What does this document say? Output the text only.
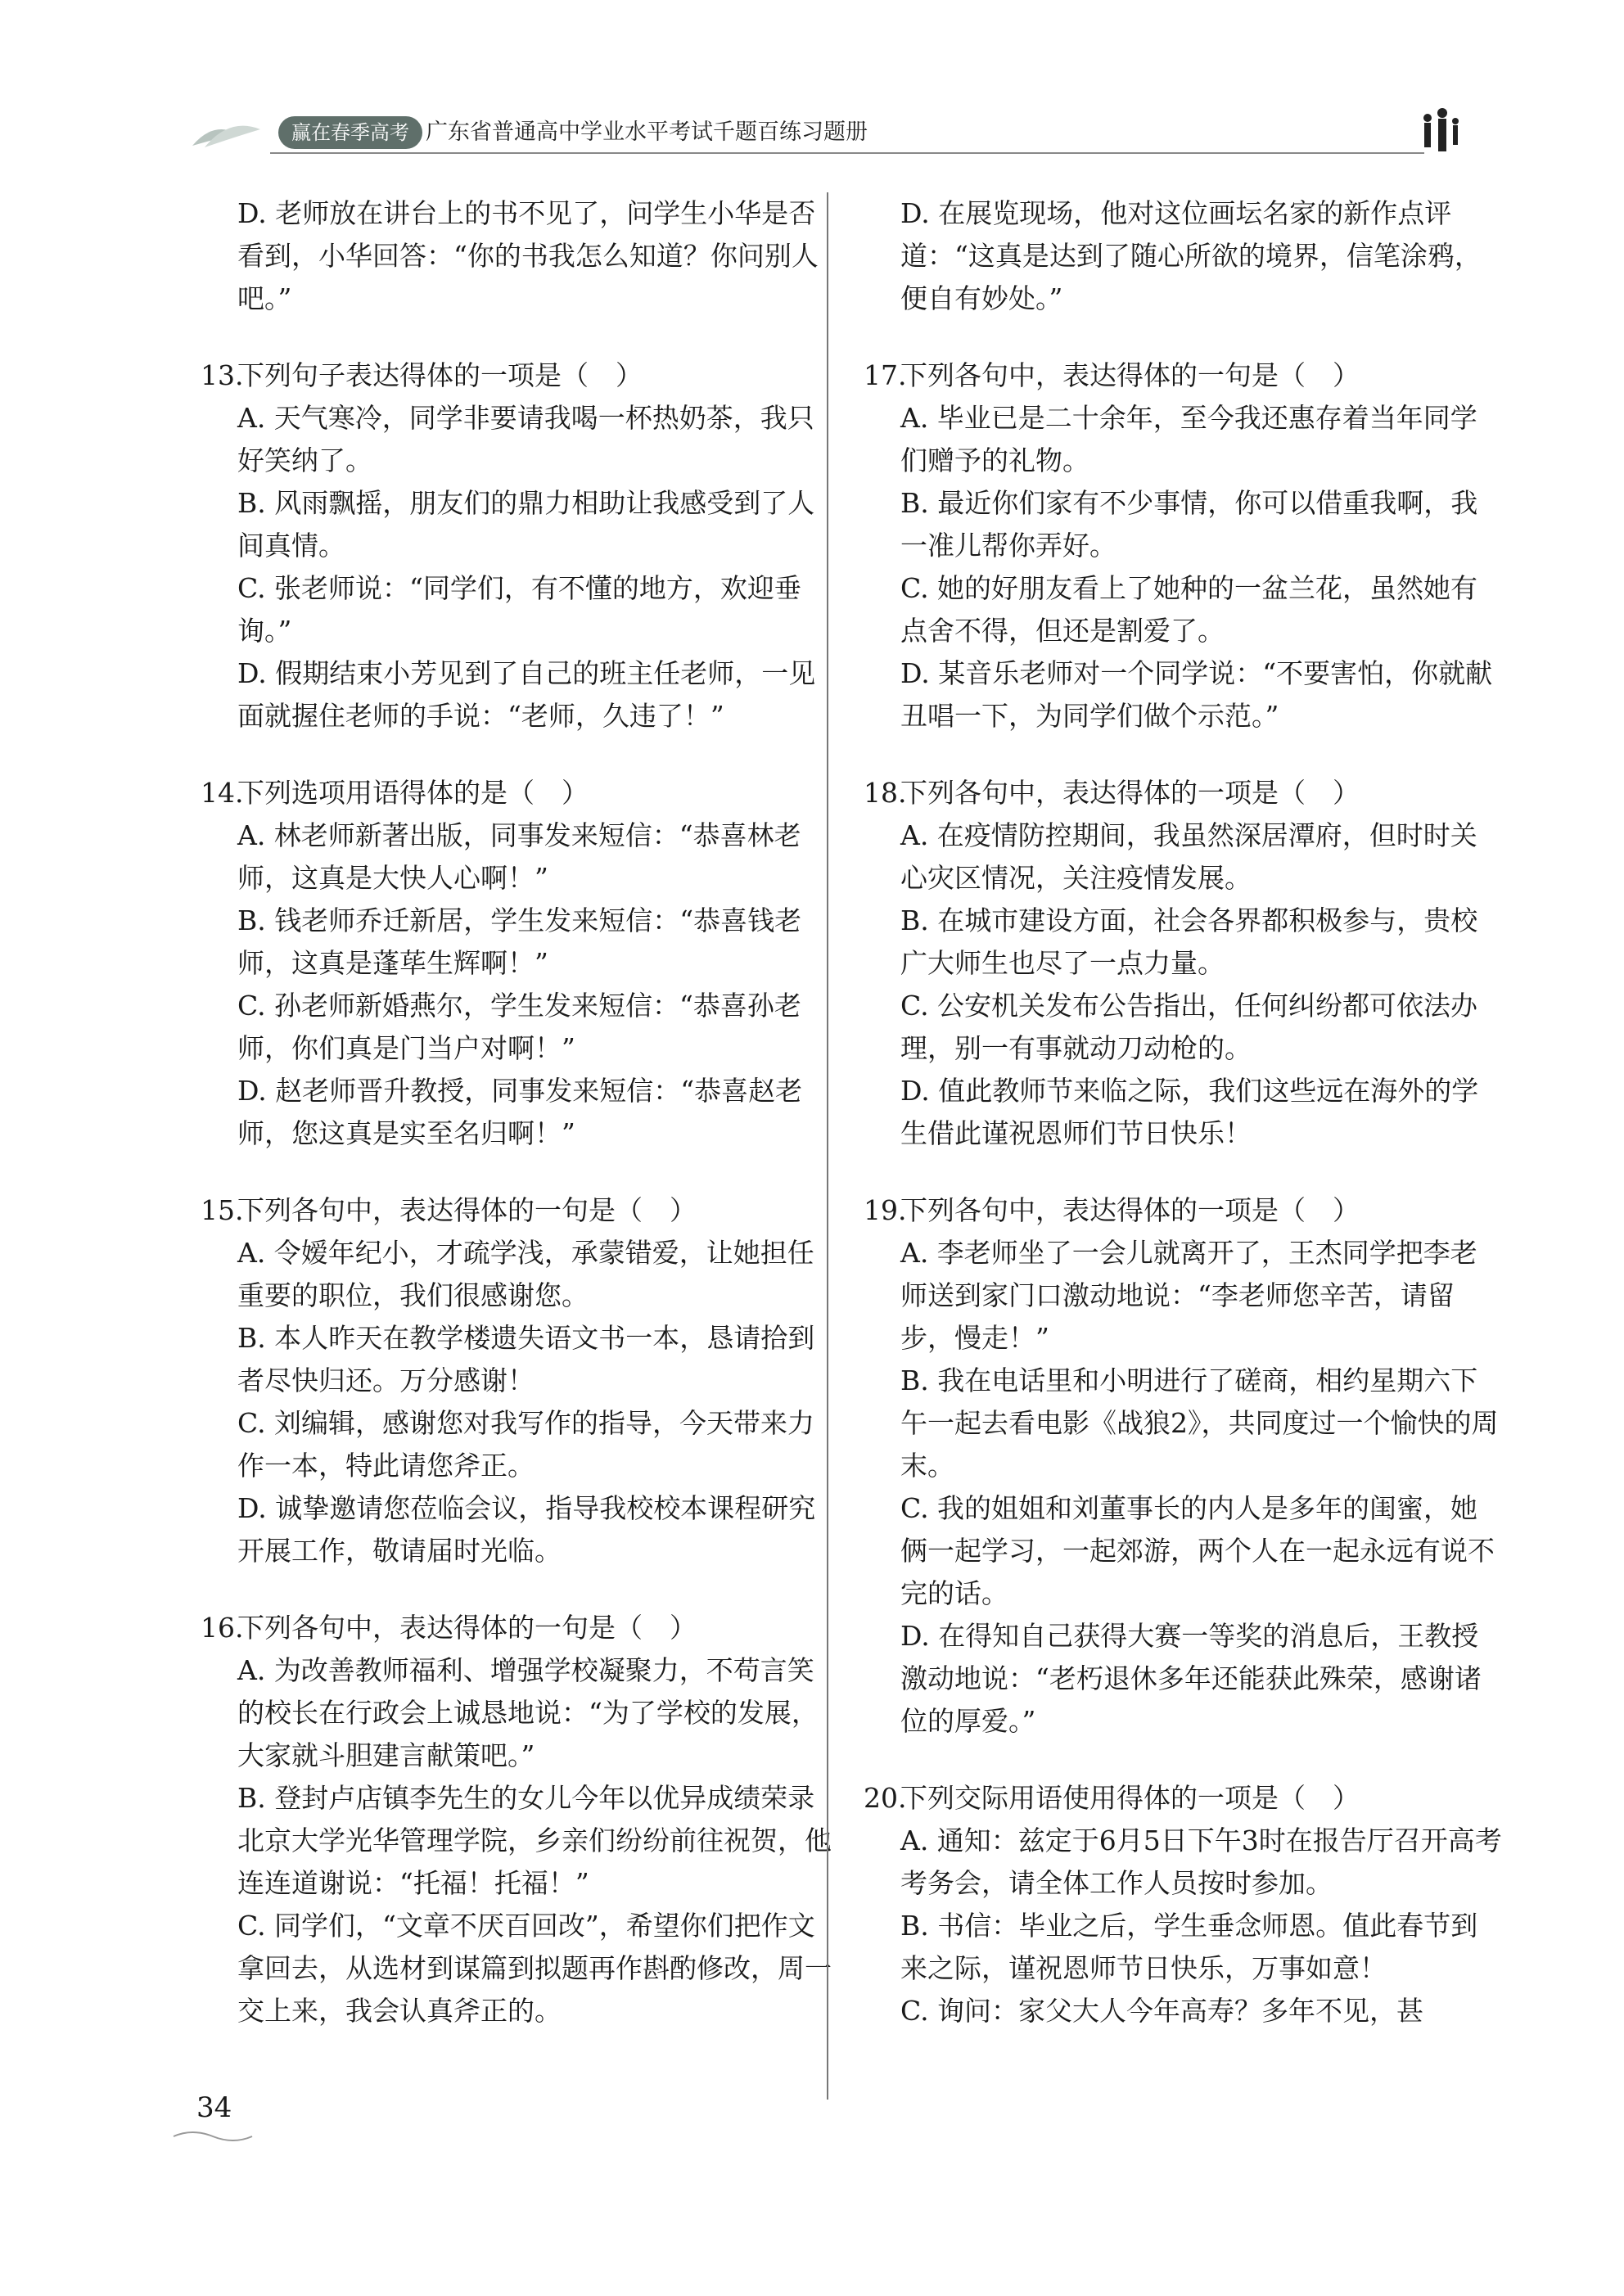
赢在春季高考 广东省普通高中学业水平考试千题百练习题册

D. 老师放在讲台上的书不见了，问学生小华是否看到，小华回答：“你的书我怎么知道？你问别人吧。”

13.
下列句子表达得体的一项是（　）

A. 天气寒冷，同学非要请我喝一杯热奶茶，我只好笑纳了。

B. 风雨飘摇，朋友们的鼎力相助让我感受到了人间真情。

C. 张老师说：“同学们，有不懂的地方，欢迎垂询。”

D. 假期结束小芳见到了自己的班主任老师，一见面就握住老师的手说：“老师，久违了！”

14.
下列选项用语得体的是（　）

A. 林老师新著出版，同事发来短信：“恭喜林老师，这真是大快人心啊！”

B. 钱老师乔迁新居，学生发来短信：“恭喜钱老师，这真是蓬荜生辉啊！”

C. 孙老师新婚燕尔，学生发来短信：“恭喜孙老师，你们真是门当户对啊！”

D. 赵老师晋升教授，同事发来短信：“恭喜赵老师，您这真是实至名归啊！”

15.
下列各句中，表达得体的一句是（　）

A. 令嫒年纪小，才疏学浅，承蒙错爱，让她担任重要的职位，我们很感谢您。

B. 本人昨天在教学楼遗失语文书一本，恳请拾到者尽快归还。万分感谢！

C. 刘编辑，感谢您对我写作的指导，今天带来力作一本，特此请您斧正。

D. 诚挚邀请您莅临会议，指导我校校本课程研究开展工作，敬请届时光临。

16.
下列各句中，表达得体的一句是（　）

A. 为改善教师福利、增强学校凝聚力，不苟言笑的校长在行政会上诚恳地说：“为了学校的发展，大家就斗胆建言献策吧。”

B. 登封卢店镇李先生的女儿今年以优异成绩荣录北京大学光华管理学院，乡亲们纷纷前往祝贺，他连连道谢说：“托福！托福！”

C. 同学们，“文章不厌百回改”，希望你们把作文拿回去，从选材到谋篇到拟题再作斟酌修改，周一交上来，我会认真斧正的。

D. 在展览现场，他对这位画坛名家的新作点评道：“这真是达到了随心所欲的境界，信笔涂鸦，便自有妙处。”

17.
下列各句中，表达得体的一句是（　）

A. 毕业已是二十余年，至今我还惠存着当年同学们赠予的礼物。

B. 最近你们家有不少事情，你可以借重我啊，我一准儿帮你弄好。

C. 她的好朋友看上了她种的一盆兰花，虽然她有点舍不得，但还是割爱了。

D. 某音乐老师对一个同学说：“不要害怕，你就献丑唱一下，为同学们做个示范。”

18.
下列各句中，表达得体的一项是（　）

A. 在疫情防控期间，我虽然深居潭府，但时时关心灾区情况，关注疫情发展。

B. 在城市建设方面，社会各界都积极参与，贵校广大师生也尽了一点力量。

C. 公安机关发布公告指出，任何纠纷都可依法办理，别一有事就动刀动枪的。

D. 值此教师节来临之际，我们这些远在海外的学生借此谨祝恩师们节日快乐！

19.
下列各句中，表达得体的一项是（　）

A. 李老师坐了一会儿就离开了，王杰同学把李老师送到家门口激动地说：“李老师您辛苦，请留步，慢走！”

B. 我在电话里和小明进行了磋商，相约星期六下午一起去看电影《战狼2》，共同度过一个愉快的周末。

C. 我的姐姐和刘董事长的内人是多年的闺蜜，她俩一起学习，一起郊游，两个人在一起永远有说不完的话。

D. 在得知自己获得大赛一等奖的消息后，王教授激动地说：“老朽退休多年还能获此殊荣，感谢诸位的厚爱。”

20.
下列交际用语使用得体的一项是（　）

A. 通知：兹定于6月5日下午3时在报告厅召开高考考务会，请全体工作人员按时参加。

B. 书信：毕业之后，学生垂念师恩。值此春节到来之际，谨祝恩师节日快乐，万事如意！

C. 询问：家父大人今年高寿？多年不见，甚

34
